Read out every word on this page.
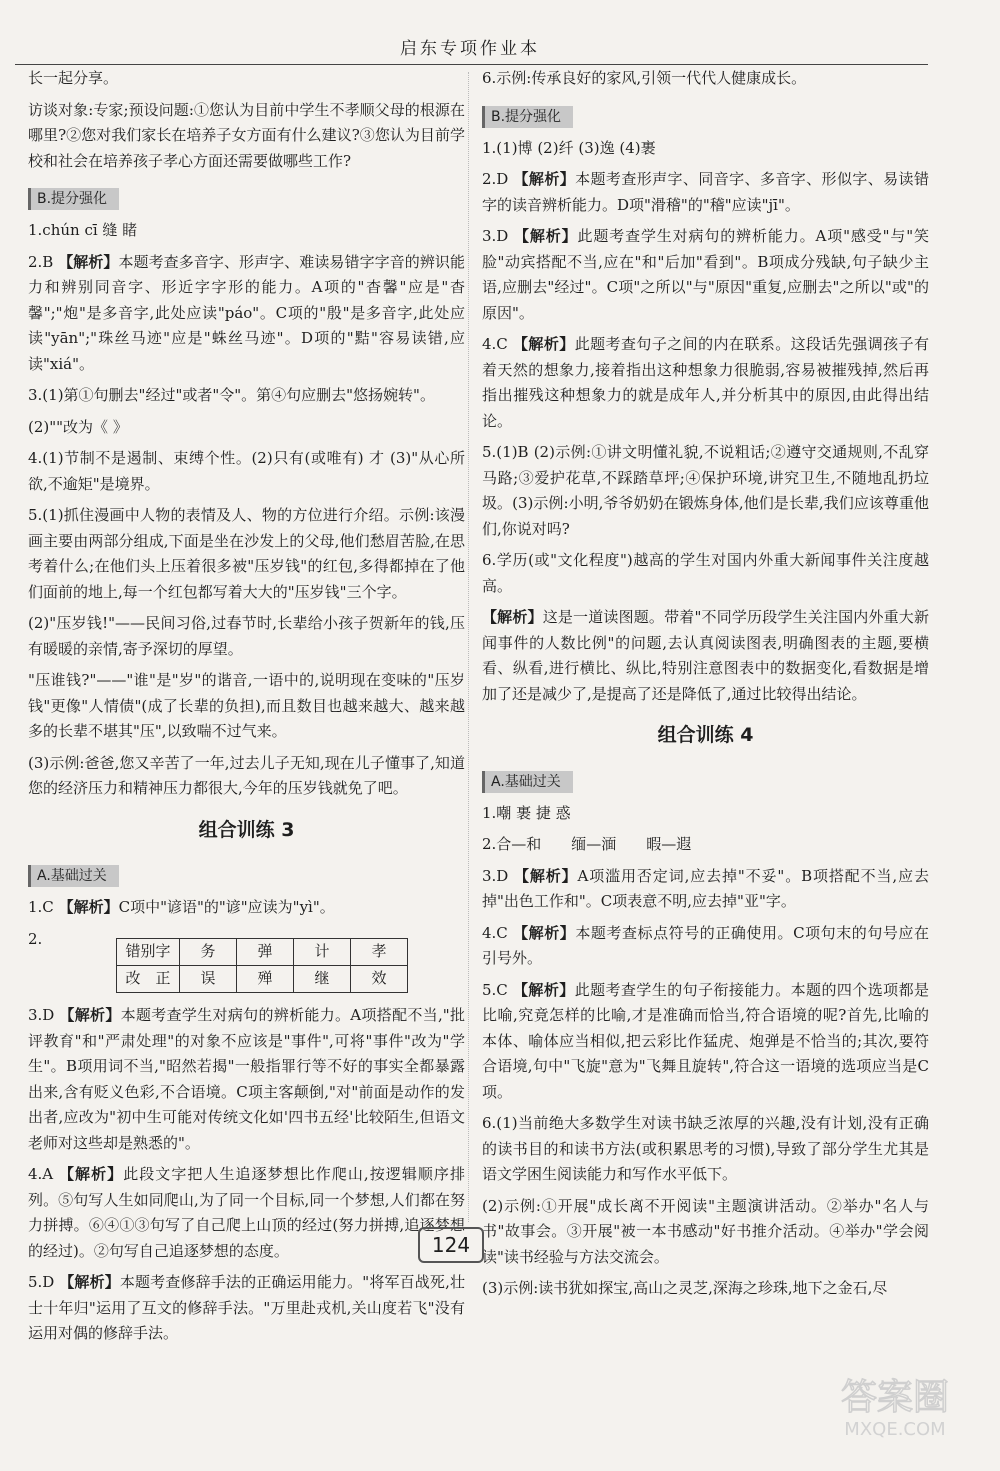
启东专项作业本

长一起分享。

访谈对象:专家;预设问题:①您认为目前中学生不孝顺父母的根源在哪里?②您对我们家长在培养子女方面有什么建议?③您认为目前学校和社会在培养孩子孝心方面还需要做哪些工作?

B.提分强化

1.chún cī 缝 睹

2.B 【解析】本题考查多音字、形声字、难读易错字字音的辨识能力和辨别同音字、形近字字形的能力。A项的"杳馨"应是"杳馨";"炮"是多音字,此处应读"páo"。C项的"殷"是多音字,此处应读"yān";"珠丝马迹"应是"蛛丝马迹"。D项的"黠"容易读错,应读"xiá"。

3.(1)第①句删去"经过"或者"令"。第④句应删去"悠扬婉转"。

(2)""改为《 》

4.(1)节制不是遏制、束缚个性。(2)只有(或唯有) 才 (3)"从心所欲,不逾矩"是境界。

5.(1)抓住漫画中人物的表情及人、物的方位进行介绍。示例:该漫画主要由两部分组成,下面是坐在沙发上的父母,他们愁眉苦脸,在思考着什么;在他们头上压着很多被"压岁钱"的红包,多得都掉在了他们面前的地上,每一个红包都写着大大的"压岁钱"三个字。

(2)"压岁钱!"——民间习俗,过春节时,长辈给小孩子贺新年的钱,压有暖暖的亲情,寄予深切的厚望。

"压谁钱?"——"谁"是"岁"的谐音,一语中的,说明现在变味的"压岁钱"更像"人情债"(成了长辈的负担),而且数目也越来越大、越来越多的长辈不堪其"压",以致喘不过气来。

(3)示例:爸爸,您又辛苦了一年,过去儿子无知,现在儿子懂事了,知道您的经济压力和精神压力都很大,今年的压岁钱就免了吧。

组合训练 3
A.基础过关

1.C 【解析】C项中"谚语"的"谚"应读为"yì"。

2.

错别字	务	弹	计	孝
改　正	误	殚	继	效

3.D 【解析】本题考查学生对病句的辨析能力。A项搭配不当,"批评教育"和"严肃处理"的对象不应该是"事件",可将"事件"改为"学生"。B项用词不当,"昭然若揭"一般指罪行等不好的事实全都暴露出来,含有贬义色彩,不合语境。C项主客颠倒,"对"前面是动作的发出者,应改为"初中生可能对传统文化如'四书五经'比较陌生,但语文老师对这些却是熟悉的"。

4.A 【解析】此段文字把人生追逐梦想比作爬山,按逻辑顺序排列。⑤句写人生如同爬山,为了同一个目标,同一个梦想,人们都在努力拼搏。⑥④①③句写了自己爬上山顶的经过(努力拼搏,追逐梦想的经过)。②句写自己追逐梦想的态度。

5.D 【解析】本题考查修辞手法的正确运用能力。"将军百战死,壮士十年归"运用了互文的修辞手法。"万里赴戎机,关山度若飞"没有运用对偶的修辞手法。

6.示例:传承良好的家风,引领一代代人健康成长。

B.提分强化

1.(1)博 (2)纤 (3)逸 (4)裹

2.D 【解析】本题考查形声字、同音字、多音字、形似字、易读错字的读音辨析能力。D项"滑稽"的"稽"应读"jī"。

3.D 【解析】此题考查学生对病句的辨析能力。A项"感受"与"笑脸"动宾搭配不当,应在"和"后加"看到"。B项成分残缺,句子缺少主语,应删去"经过"。C项"之所以"与"原因"重复,应删去"之所以"或"的原因"。

4.C 【解析】此题考查句子之间的内在联系。这段话先强调孩子有着天然的想象力,接着指出这种想象力很脆弱,容易被摧残掉,然后再指出摧残这种想象力的就是成年人,并分析其中的原因,由此得出结论。

5.(1)B (2)示例:①讲文明懂礼貌,不说粗话;②遵守交通规则,不乱穿马路;③爱护花草,不踩踏草坪;④保护环境,讲究卫生,不随地乱扔垃圾。(3)示例:小明,爷爷奶奶在锻炼身体,他们是长辈,我们应该尊重他们,你说对吗?

6.学历(或"文化程度")越高的学生对国内外重大新闻事件关注度越高。

【解析】这是一道读图题。带着"不同学历段学生关注国内外重大新闻事件的人数比例"的问题,去认真阅读图表,明确图表的主题,要横看、纵看,进行横比、纵比,特别注意图表中的数据变化,看数据是增加了还是减少了,是提高了还是降低了,通过比较得出结论。

组合训练 4
A.基础过关

1.嘲 裹 捷 惑

2.合—和　　缅—湎　　暇—遐

3.D 【解析】A项滥用否定词,应去掉"不妥"。B项搭配不当,应去掉"出色工作和"。C项表意不明,应去掉"亚"字。

4.C 【解析】本题考查标点符号的正确使用。C项句末的句号应在引号外。

5.C 【解析】此题考查学生的句子衔接能力。本题的四个选项都是比喻,究竟怎样的比喻,才是准确而恰当,符合语境的呢?首先,比喻的本体、喻体应当相似,把云彩比作猛虎、炮弹是不恰当的;其次,要符合语境,句中"飞旋"意为"飞舞且旋转",符合这一语境的选项应当是C项。

6.(1)当前绝大多数学生对读书缺乏浓厚的兴趣,没有计划,没有正确的读书目的和读书方法(或积累思考的习惯),导致了部分学生尤其是语文学困生阅读能力和写作水平低下。

(2)示例:①开展"成长离不开阅读"主题演讲活动。②举办"名人与书"故事会。③开展"被一本书感动"好书推介活动。④举办"学会阅读"读书经验与方法交流会。

(3)示例:读书犹如探宝,高山之灵芝,深海之珍珠,地下之金石,尽

124
答案圈
MXQE.COM
